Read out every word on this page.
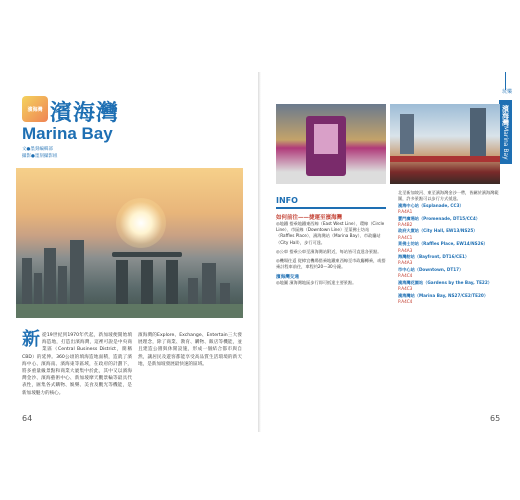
濱海灣 濱海灣
Marina Bay
文●墨刻編輯部
攝影●墨刻攝影組
新從19世紀到1970年代起，新加坡便開始填海造地，打造出濱海灣，這裡可說是中央商業區（Central Business District，簡稱CBD）的延伸。360公頃的填海造地面積，造就了濱海中心、濱海南、濱海東等區域，在政府的計劃下，將多重量級景點和商業大廈集中於此，其中又以濱海灣金沙、濱海藝術中心、新加坡摩天觀景輪等最具代表性，匯集各式購物、娛樂、美食及觀光等機能，是新加坡魅力的核心。
濱海灣的Explore、Exchange、Entertain三大發展理念，除了商業、教育、購物、飯店等機能，並且建造公園與休閒設施，形成一個結合都市與自然，讓居民及遊客都能享受高品質生活環境的新天地，是新加坡發展最快速的區域。
64
濱海灣
Marina Bay
玩樂
INFO
如何前往——捷運至濱海灣
◎地鐵 搭乘地鐵東西線（East West Line）、環線（Circle Line）、市區線（Downtown Line）至萊佛士坊站（Raffles Place）、濱海灣站（Marina Bay）、市政廳站（City Hall），步行可達。
◎公車 搭乘公車至濱海灣站附近，每站皆可直達各景點。
◎機場往返 從樟宜機場搭乘地鐵東西線至市政廳轉乘，或搭乘計程車前往，車程約20～30分鐘。
濱海灣交通
◎地圖 濱海灣地區步行即可抵達主要景點。
北至新加坡河、東至濱海灣金沙一帶，皆屬於濱海灣範圍，許多景點可以步行方式抵達。
濱海中心站（Esplanade, CC3）
P.A4A1
寶門廣場站（Promenade, DT15/CC4）
P.A4B2
政府大廈站（City Hall, EW13/NS25）
P.A4C1
萊佛士坊站（Raffles Place, EW14/NS26）
P.A4A3
海灣舫站（Bayfront, DT16/CE1）
P.A4A3
市中心站（Downtown, DT17）
P.A4C4
濱海灣花園站（Gardens by the Bay, TE22）
P.A4C3
濱海灣站（Marina Bay, NS27/CE2/TE20）
P.A4C4
65
